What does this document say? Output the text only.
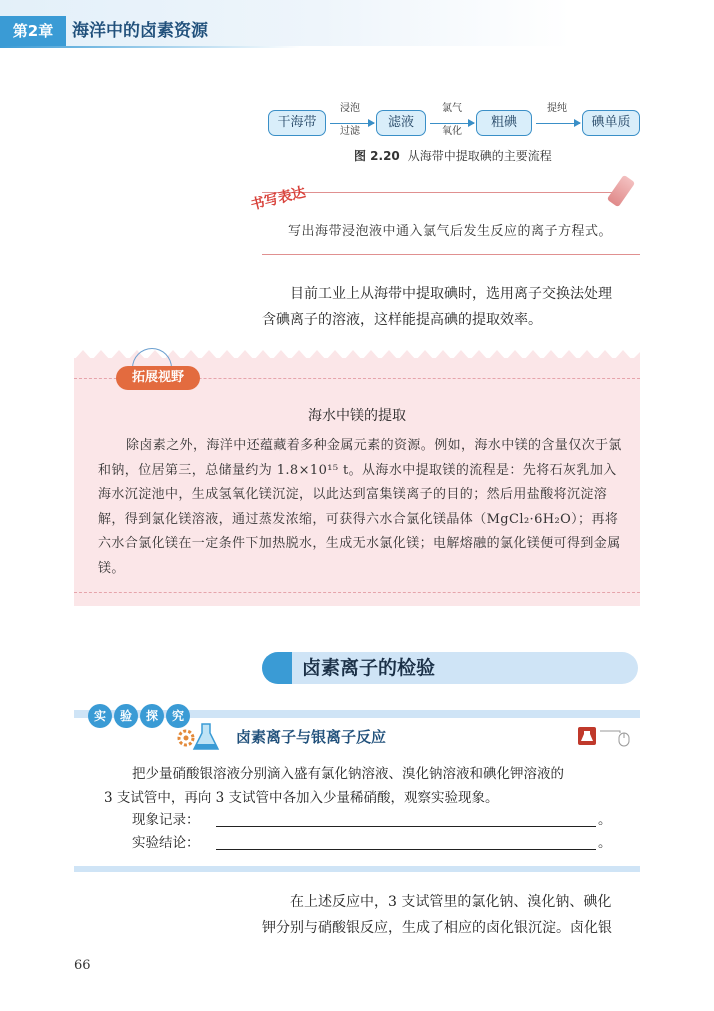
第2章	海洋中的卤素资源
干海带
浸泡
过滤
滤液
氯气
氧化
粗碘
提纯
碘单质
图 2.20 从海带中提取碘的主要流程
书写表达
写出海带浸泡液中通入氯气后发生反应的离子方程式。
目前工业上从海带中提取碘时，选用离子交换法处理
含碘离子的溶液，这样能提高碘的提取效率。
拓展视野
海水中镁的提取
除卤素之外，海洋中还蕴藏着多种金属元素的资源。例如，海水中镁的含量仅次于氯和钠，位居第三，总储量约为 1.8×10¹⁵ t。从海水中提取镁的流程是：先将石灰乳加入海水沉淀池中，生成氢氧化镁沉淀，以此达到富集镁离子的目的；然后用盐酸将沉淀溶解，得到氯化镁溶液，通过蒸发浓缩，可获得六水合氯化镁晶体（MgCl₂·6H₂O）；再将六水合氯化镁在一定条件下加热脱水，生成无水氯化镁；电解熔融的氯化镁便可得到金属镁。
卤素离子的检验
实	验	探	究
卤素离子与银离子反应
把少量硝酸银溶液分别滴入盛有氯化钠溶液、溴化钠溶液和碘化钾溶液的
3 支试管中，再向 3 支试管中各加入少量稀硝酸，观察实验现象。
现象记录：	。
实验结论：	。
在上述反应中，3 支试管里的氯化钠、溴化钠、碘化
钾分别与硝酸银反应，生成了相应的卤化银沉淀。卤化银
66
